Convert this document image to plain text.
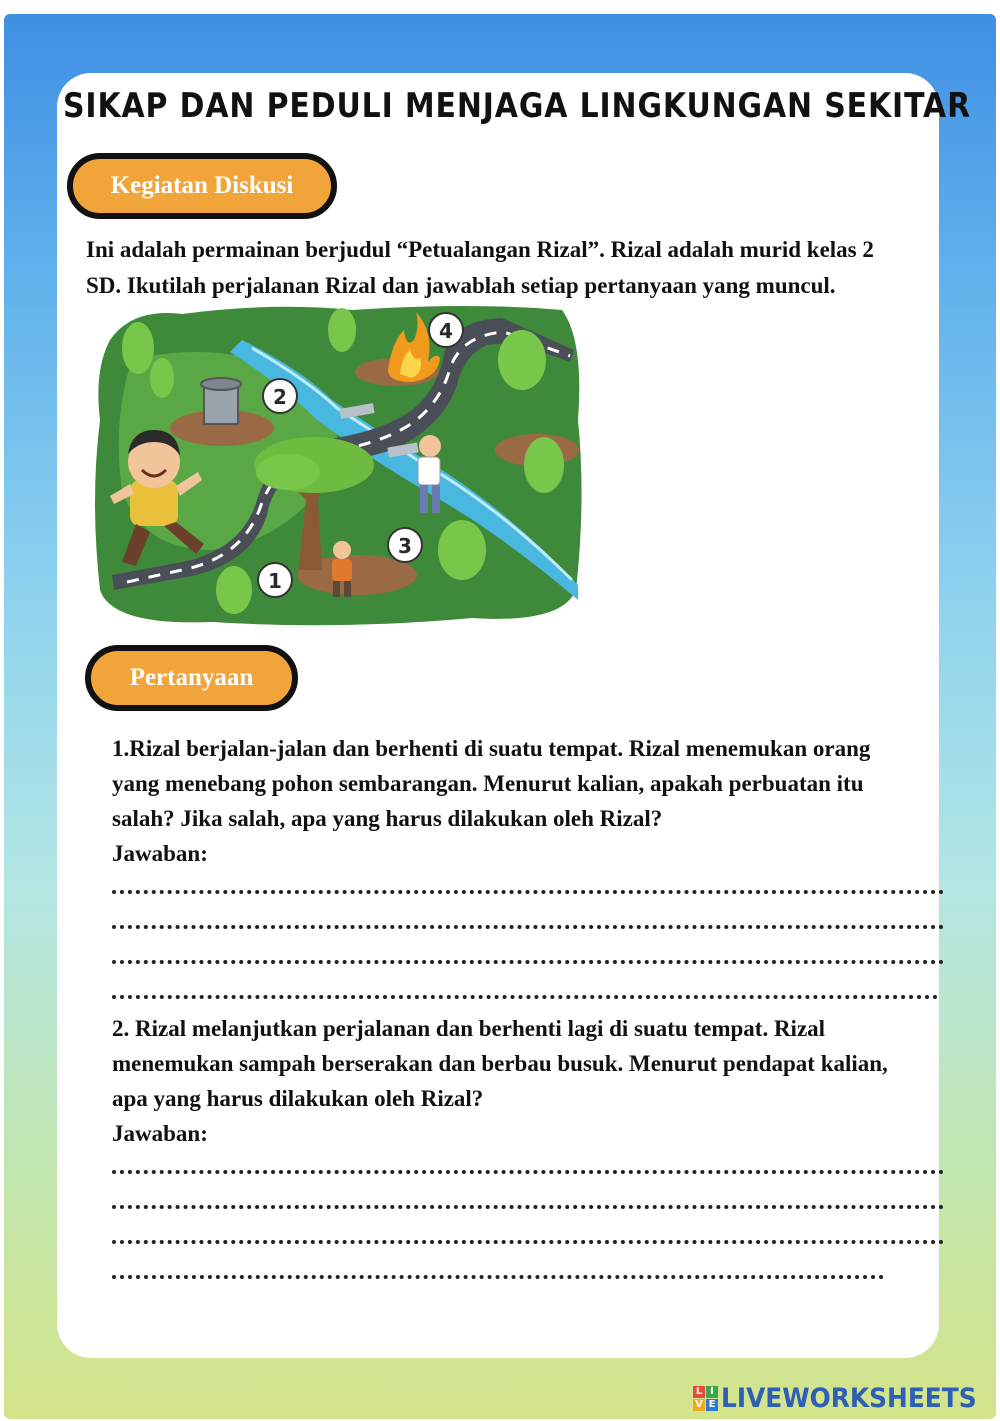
SIKAP DAN PEDULI MENJAGA LINGKUNGAN SEKITAR
Kegiatan Diskusi
Ini adalah permainan berjudul “Petualangan Rizal”. Rizal adalah murid kelas 2
SD. Ikutilah perjalanan Rizal dan jawablah setiap pertanyaan yang muncul.
1
2
3
4
Pertanyaan
1.Rizal berjalan-jalan dan berhenti di suatu tempat. Rizal menemukan orang
yang menebang pohon sembarangan. Menurut kalian, apakah perbuatan itu
salah? Jika salah, apa yang harus dilakukan oleh Rizal?
Jawaban:
2. Rizal melanjutkan perjalanan dan berhenti lagi di suatu tempat. Rizal
menemukan sampah berserakan dan berbau busuk. Menurut pendapat kalian,
apa yang harus dilakukan oleh Rizal?
Jawaban:
L I
V E LIVEWORKSHEETS
